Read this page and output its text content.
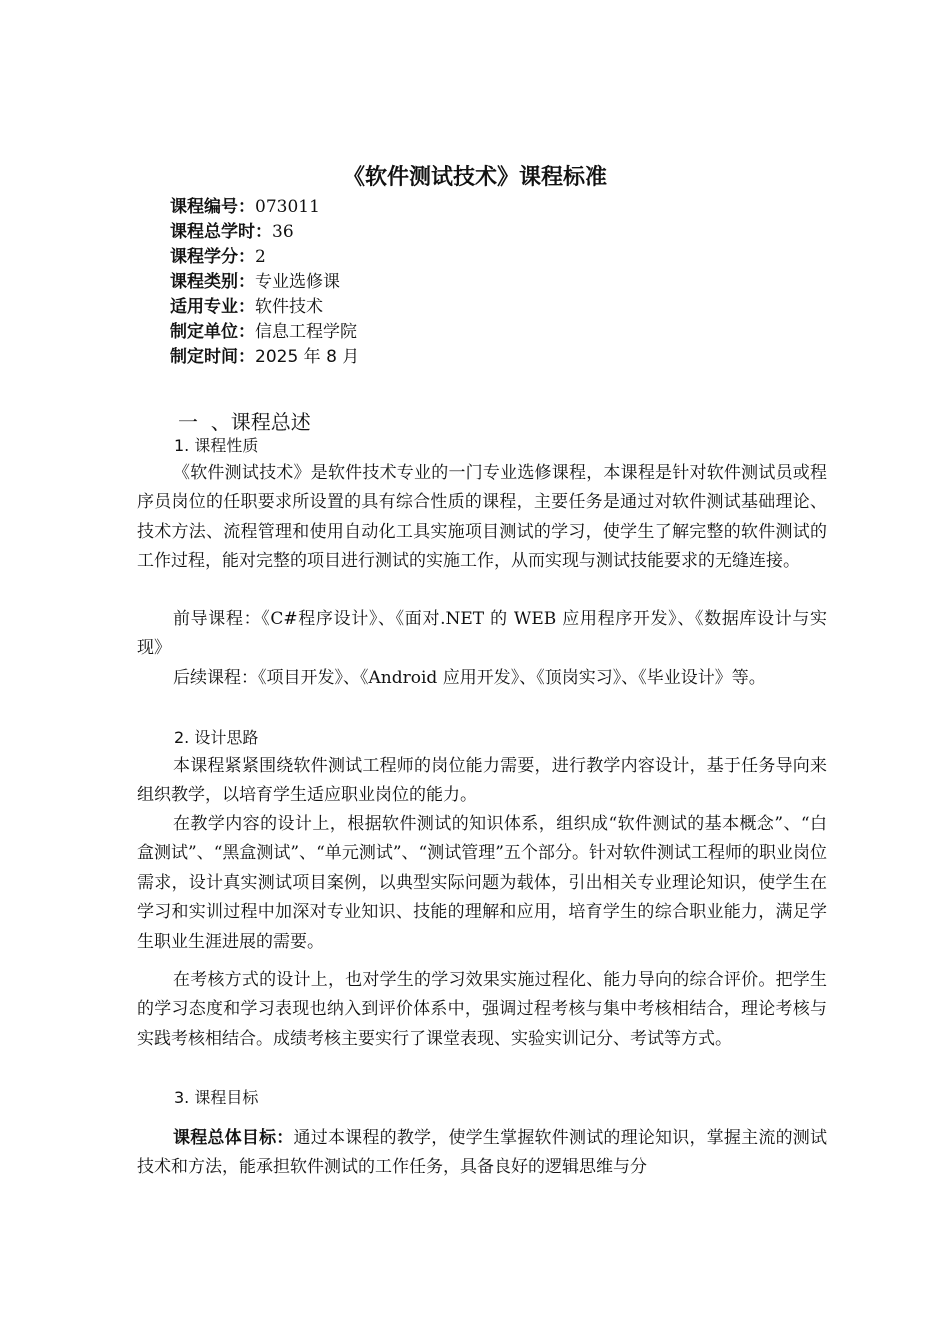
《软件测试技术》课程标准
课程编号：073011
课程总学时：36
课程学分：2
课程类别：专业选修课
适用专业：软件技术
制定单位：信息工程学院
制定时间：2025 年 8 月
一  、课程总述
1. 课程性质
《软件测试技术》是软件技术专业的一门专业选修课程，本课程是针对软件测试员或程序员岗位的任职要求所设置的具有综合性质的课程，主要任务是通过对软件测试基础理论、技术方法、流程管理和使用自动化工具实施项目测试的学习，使学生了解完整的软件测试的工作过程，能对完整的项目进行测试的实施工作，从而实现与测试技能要求的无缝连接。
前导课程：《C#程序设计》、《面对.NET 的 WEB 应用程序开发》、《数据库设计与实现》
后续课程：《项目开发》、《Android 应用开发》、《顶岗实习》、《毕业设计》等。
2. 设计思路
本课程紧紧围绕软件测试工程师的岗位能力需要，进行教学内容设计，基于任务导向来组织教学，以培育学生适应职业岗位的能力。
在教学内容的设计上，根据软件测试的知识体系，组织成“软件测试的基本概念”、“白盒测试”、“黑盒测试”、“单元测试”、“测试管理”五个部分。针对软件测试工程师的职业岗位需求，设计真实测试项目案例，以典型实际问题为载体，引出相关专业理论知识，使学生在学习和实训过程中加深对专业知识、技能的理解和应用，培育学生的综合职业能力，满足学生职业生涯进展的需要。
在考核方式的设计上，也对学生的学习效果实施过程化、能力导向的综合评价。把学生的学习态度和学习表现也纳入到评价体系中，强调过程考核与集中考核相结合，理论考核与实践考核相结合。成绩考核主要实行了课堂表现、实验实训记分、考试等方式。
3. 课程目标
课程总体目标：通过本课程的教学，使学生掌握软件测试的理论知识，掌握主流的测试技术和方法，能承担软件测试的工作任务，具备良好的逻辑思维与分
